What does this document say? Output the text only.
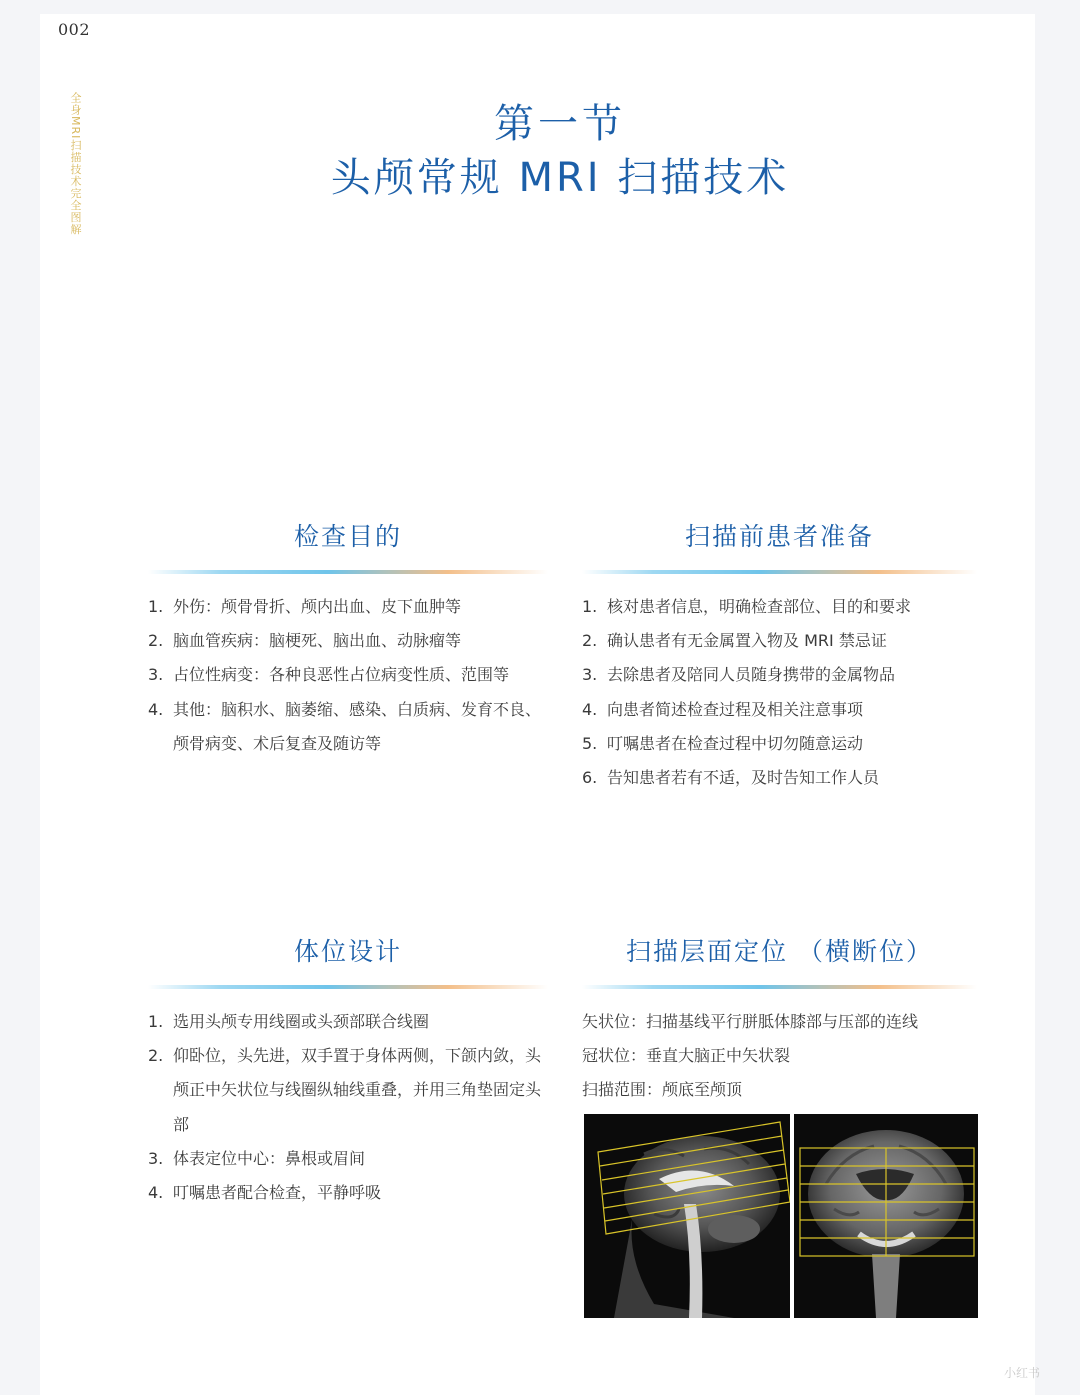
002
全身MRI扫描技术完全图解	第一节
头颅常规 MRI 扫描技术
检查目的
1. 外伤：颅骨骨折、颅内出血、皮下血肿等
2. 脑血管疾病：脑梗死、脑出血、动脉瘤等
3. 占位性病变：各种良恶性占位病变性质、范围等
4. 其他：脑积水、脑萎缩、感染、白质病、发育不良、颅骨病变、术后复查及随访等
扫描前患者准备
1. 核对患者信息，明确检查部位、目的和要求
2. 确认患者有无金属置入物及 MRI 禁忌证
3. 去除患者及陪同人员随身携带的金属物品
4. 向患者简述检查过程及相关注意事项
5. 叮嘱患者在检查过程中切勿随意运动
6. 告知患者若有不适，及时告知工作人员
体位设计
1. 选用头颅专用线圈或头颈部联合线圈
2. 仰卧位，头先进，双手置于身体两侧，下颌内敛，头颅正中矢状位与线圈纵轴线重叠，并用三角垫固定头部
3. 体表定位中心：鼻根或眉间
4. 叮嘱患者配合检查，平静呼吸
扫描层面定位 （横断位）
矢状位：扫描基线平行胼胝体膝部与压部的连线
冠状位：垂直大脑正中矢状裂
扫描范围：颅底至颅顶
小红书
